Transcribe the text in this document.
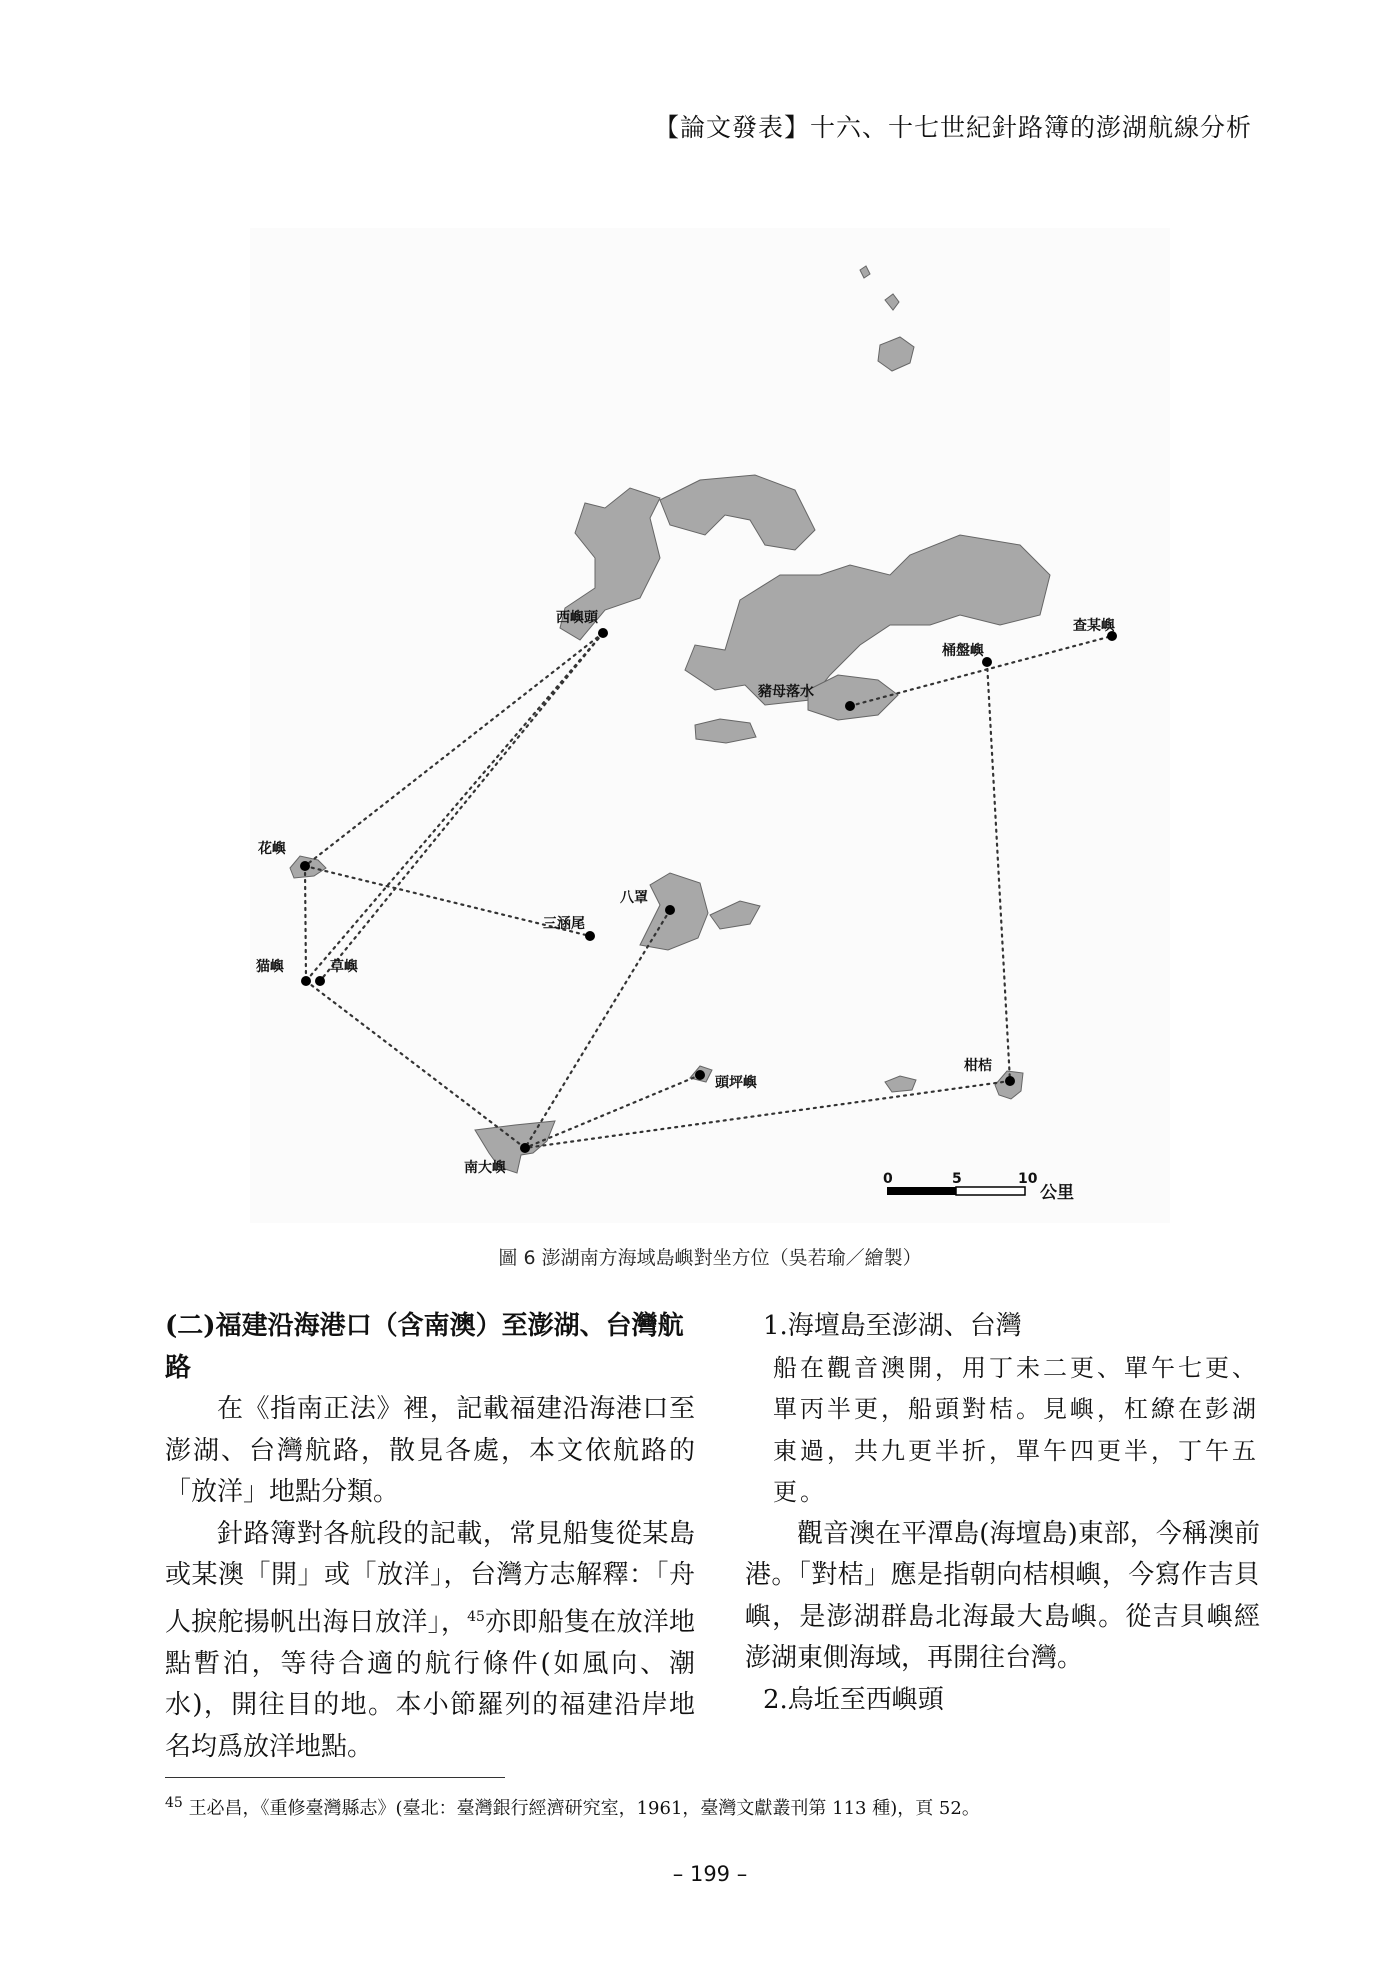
【論文發表】十六、十七世紀針路簿的澎湖航線分析
西嶼頭	查某嶼
桶盤嶼
豬母落水
花嶼
三涵尾
八罩
猫嶼	草嶼
頭坪嶼
柑桔
南大嶼
0	5	10
公里
圖 6 澎湖南方海域島嶼對坐方位（吳若瑜／繪製）
(二)福建沿海港口（含南澳）至澎湖、台灣航路
在《指南正法》裡，記載福建沿海港口至澎湖、台灣航路，散見各處，本文依航路的「放洋」地點分類。
針路簿對各航段的記載，常見船隻從某島或某澳「開」或「放洋」，台灣方志解釋：「舟人捩舵揚帆出海日放洋」，$^{45}$亦即船隻在放洋地點暫泊，等待合適的航行條件(如風向、潮水)，開往目的地。本小節羅列的福建沿岸地名均爲放洋地點。
1.海壇島至澎湖、台灣
船在觀音澳開，用丁未二更、單午七更、單丙半更，船頭對桔。見嶼，杠繚在彭湖東過，共九更半折，單午四更半，丁午五更。
觀音澳在平潭島(海壇島)東部，今稱澳前港。「對桔」應是指朝向桔梖嶼，今寫作吉貝嶼，是澎湖群島北海最大島嶼。從吉貝嶼經澎湖東側海域，再開往台灣。
2.烏坵至西嶼頭
$^{45}$ 王必昌，《重修臺灣縣志》(臺北：臺灣銀行經濟研究室，1961，臺灣文獻叢刊第 113 種)，頁 52。
– 199 –
